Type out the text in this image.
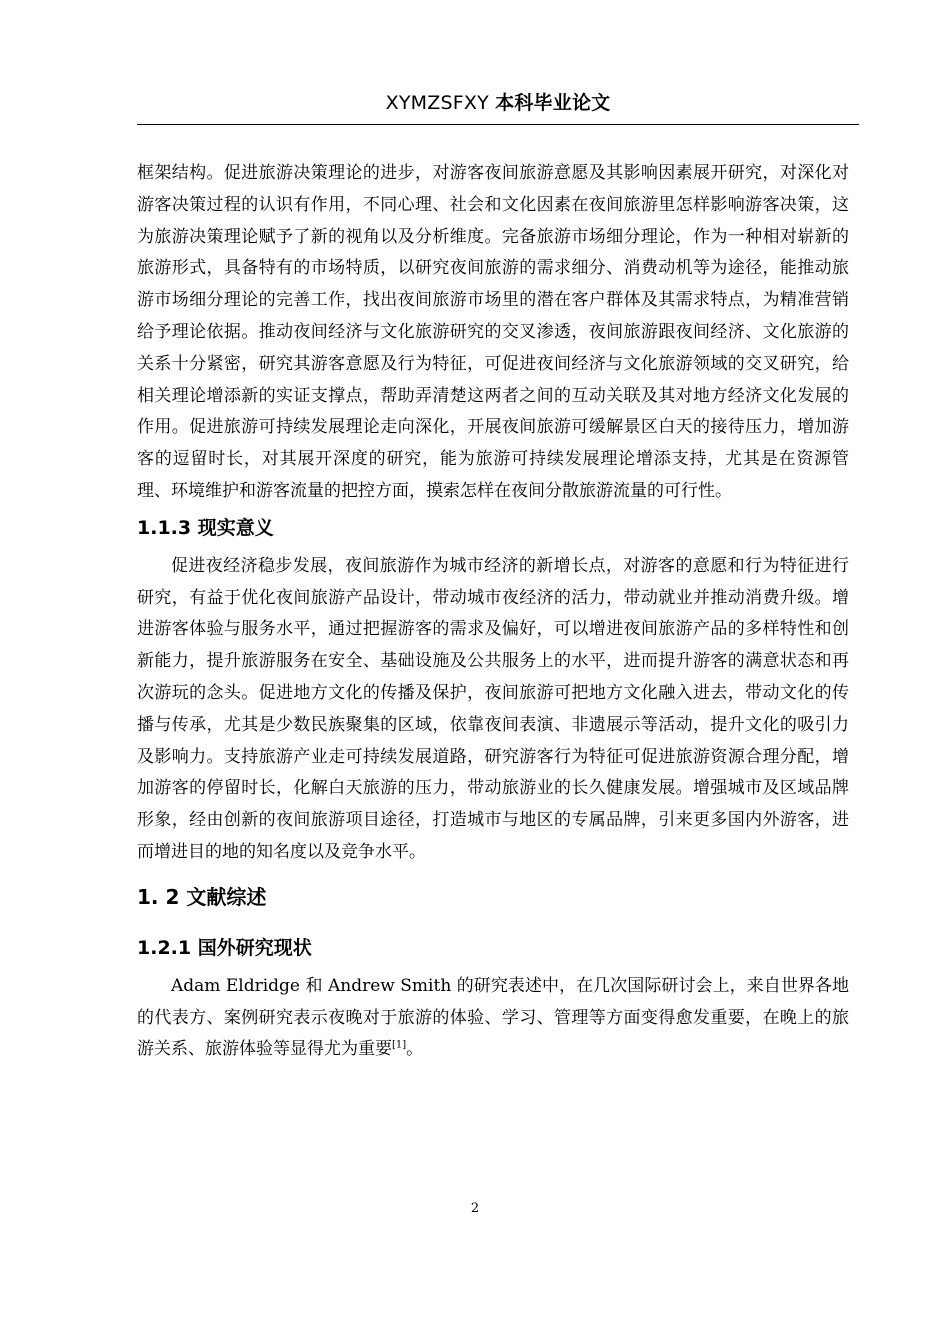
XYMZSFXY 本科毕业论文

框架结构。促进旅游决策理论的进步，对游客夜间旅游意愿及其影响因素展开研究，对深化对游客决策过程的认识有作用，不同心理、社会和文化因素在夜间旅游里怎样影响游客决策，这为旅游决策理论赋予了新的视角以及分析维度。完备旅游市场细分理论，作为一种相对崭新的旅游形式，具备特有的市场特质，以研究夜间旅游的需求细分、消费动机等为途径，能推动旅游市场细分理论的完善工作，找出夜间旅游市场里的潜在客户群体及其需求特点，为精准营销给予理论依据。推动夜间经济与文化旅游研究的交叉渗透，夜间旅游跟夜间经济、文化旅游的关系十分紧密，研究其游客意愿及行为特征，可促进夜间经济与文化旅游领域的交叉研究，给相关理论增添新的实证支撑点，帮助弄清楚这两者之间的互动关联及其对地方经济文化发展的作用。促进旅游可持续发展理论走向深化，开展夜间旅游可缓解景区白天的接待压力，增加游客的逗留时长，对其展开深度的研究，能为旅游可持续发展理论增添支持，尤其是在资源管理、环境维护和游客流量的把控方面，摸索怎样在夜间分散旅游流量的可行性。

1.1.3 现实意义

促进夜经济稳步发展，夜间旅游作为城市经济的新增长点，对游客的意愿和行为特征进行研究，有益于优化夜间旅游产品设计，带动城市夜经济的活力，带动就业并推动消费升级。增进游客体验与服务水平，通过把握游客的需求及偏好，可以增进夜间旅游产品的多样特性和创新能力，提升旅游服务在安全、基础设施及公共服务上的水平，进而提升游客的满意状态和再次游玩的念头。促进地方文化的传播及保护，夜间旅游可把地方文化融入进去，带动文化的传播与传承，尤其是少数民族聚集的区域，依靠夜间表演、非遗展示等活动，提升文化的吸引力及影响力。支持旅游产业走可持续发展道路，研究游客行为特征可促进旅游资源合理分配，增加游客的停留时长，化解白天旅游的压力，带动旅游业的长久健康发展。增强城市及区域品牌形象，经由创新的夜间旅游项目途径，打造城市与地区的专属品牌，引来更多国内外游客，进而增进目的地的知名度以及竞争水平。

1. 2 文献综述
1.2.1 国外研究现状

Adam Eldridge 和 Andrew Smith 的研究表述中，在几次国际研讨会上，来自世界各地的代表方、案例研究表示夜晚对于旅游的体验、学习、管理等方面变得愈发重要，在晚上的旅游关系、旅游体验等显得尤为重要[1]。

2
